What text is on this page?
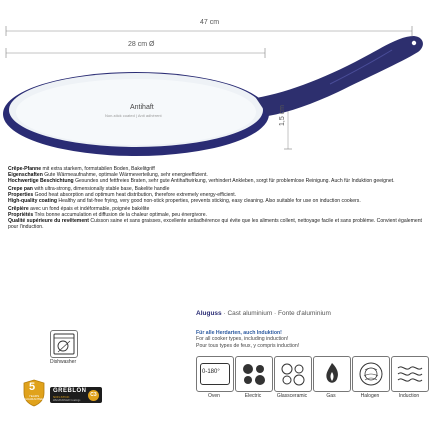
47 cm
28 cm Ø
1,5 cm
Antihaft
Non-stick coated | Anti adhérent
Crêpe-Pfanne mit extra starkem, formstabilen Boden, Bakelitgriff
Eigenschaften Gute Wärmeaufnahme, optimale Wärmeverteilung, sehr energieeffizient.
Hochwertige Beschichtung Gesundes und fettfreies Braten, sehr gute Antihaftwirkung, verhindert Ankleben, sorgt für problemlose Reinigung. Auch für Induktion geeignet.
Crepe pan with ultra-strong, dimensionally stable base, Bakelite handle
Properties Good heat absorption and optimum heat distribution, therefore extremely energy-efficient.
High-quality coating Healthy and fat-free frying, very good non-stick properties, prevents sticking, easy cleaning. Also suitable for use on induction cookers.
Crêpière avec un fond épais et indéformable, poignée bakélite
Propriétés Très bonne accumulation et diffusion de la chaleur optimale, peu énergivore.
Qualité supérieure du revêtement Cuisson saine et sans graisses, excellente antiadhérence qui évite que les aliments collent, nettoyage facile et sans problème. Convient également pour l'induction.
Dishwasher
5
YEARS GUARANTEE
GREBLON
NON-STICK
WEILBURGER Coatings
C3
Aluguss · Cast aluminium · Fonte d'aluminium
Für alle Herdarten, auch Induktion!
For all cooker types, including induction!
Pour tous types de feux, y compris induction!
0-180°
Oven	Electric	Glassceramic	Gas	Halogen	Induction
